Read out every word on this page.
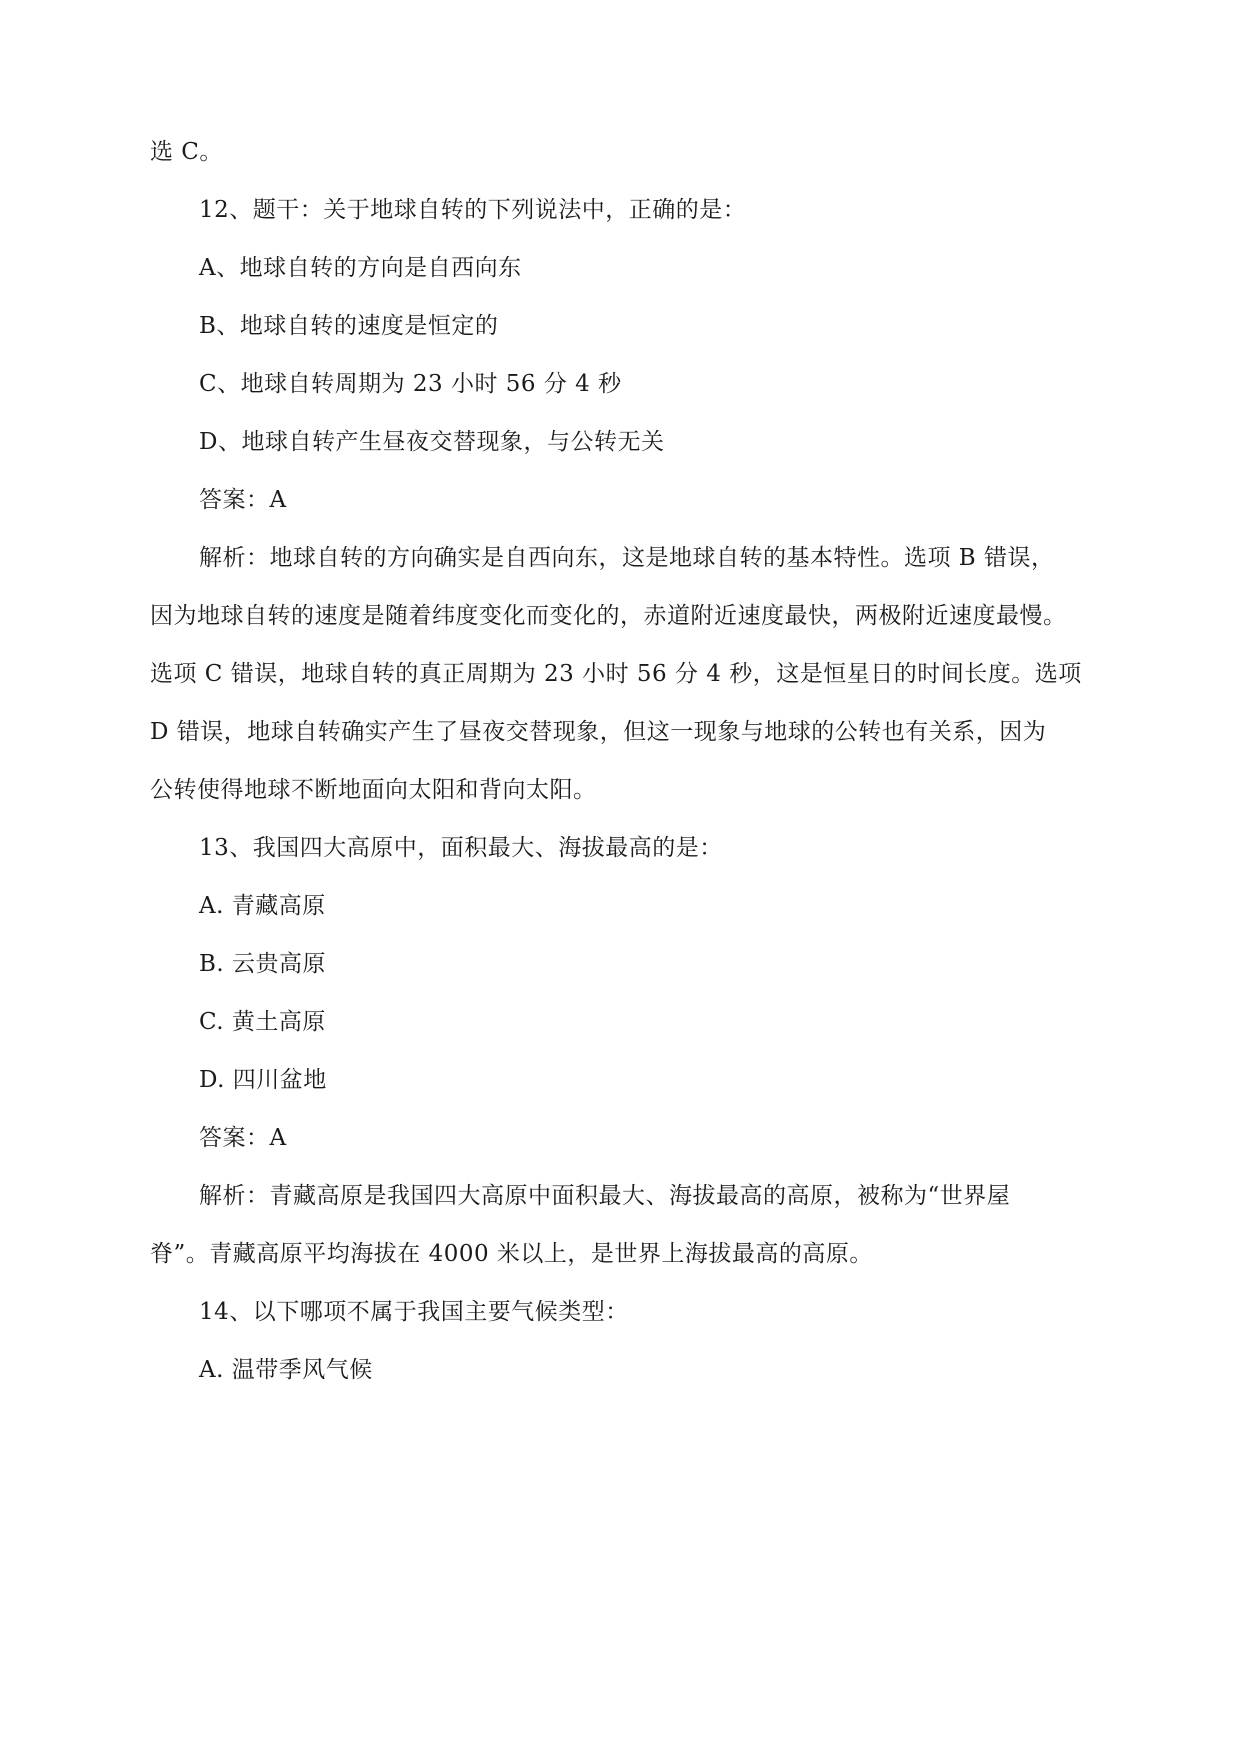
选 C。
12、题干：关于地球自转的下列说法中，正确的是：
A、地球自转的方向是自西向东
B、地球自转的速度是恒定的
C、地球自转周期为 23 小时 56 分 4 秒
D、地球自转产生昼夜交替现象，与公转无关
答案：A
解析：地球自转的方向确实是自西向东，这是地球自转的基本特性。选项 B 错误，
因为地球自转的速度是随着纬度变化而变化的，赤道附近速度最快，两极附近速度最慢。
选项 C 错误，地球自转的真正周期为 23 小时 56 分 4 秒，这是恒星日的时间长度。选项
D 错误，地球自转确实产生了昼夜交替现象，但这一现象与地球的公转也有关系，因为
公转使得地球不断地面向太阳和背向太阳。
13、我国四大高原中，面积最大、海拔最高的是：
A. 青藏高原
B. 云贵高原
C. 黄土高原
D. 四川盆地
答案：A
解析：青藏高原是我国四大高原中面积最大、海拔最高的高原，被称为“世界屋
脊”。青藏高原平均海拔在 4000 米以上，是世界上海拔最高的高原。
14、以下哪项不属于我国主要气候类型：
A. 温带季风气候
